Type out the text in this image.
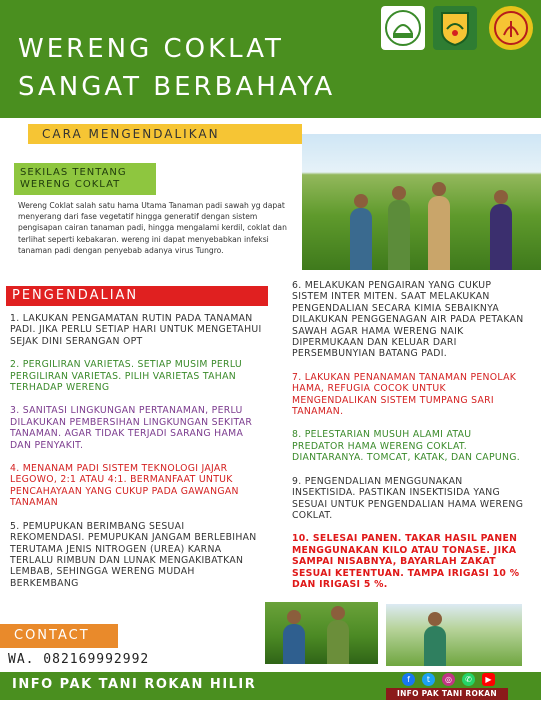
WERENG COKLAT
SANGAT BERBAHAYA
CARA MENGENDALIKAN
SEKILAS TENTANG
WERENG COKLAT

Wereng Coklat salah satu hama Utama Tanaman padi sawah yg dapat menyerang dari fase vegetatif hingga generatif dengan sistem pengisapan cairan tanaman padi, hingga mengalami kerdil, coklat dan terlihat seperti kebakaran. wereng ini dapat menyebabkan infeksi tanaman padi dengan penyebab adanya virus Tungro.

PENGENDALIAN

1. LAKUKAN PENGAMATAN RUTIN PADA TANAMAN PADI. JIKA PERLU SETIAP HARI UNTUK MENGETAHUI SEJAK DINI SERANGAN OPT

2. PERGILIRAN VARIETAS. SETIAP MUSIM PERLU PERGILIRAN VARIETAS. PILIH VARIETAS TAHAN TERHADAP WERENG

3. SANITASI LINGKUNGAN PERTANAMAN, PERLU DILAKUKAN PEMBERSIHAN LINGKUNGAN SEKITAR TANAMAN. AGAR TIDAK TERJADI SARANG HAMA DAN PENYAKIT.

4. MENANAM PADI SISTEM TEKNOLOGI JAJAR LEGOWO, 2:1 ATAU 4:1. BERMANFAAT UNTUK PENCAHAYAAN YANG CUKUP PADA GAWANGAN TANAMAN

5. PEMUPUKAN BERIMBANG SESUAI REKOMENDASI. PEMUPUKAN JANGAM BERLEBIHAN TERUTAMA JENIS NITROGEN (UREA) KARNA TERLALU RIMBUN DAN LUNAK MENGAKIBATKAN LEMBAB, SEHINGGA WERENG MUDAH BERKEMBANG

6. MELAKUKAN PENGAIRAN YANG CUKUP SISTEM INTER MITEN. SAAT MELAKUKAN PENGENDALIAN SECARA KIMIA SEBAIKNYA DILAKUKAN PENGGENAGAN AIR PADA PETAKAN SAWAH AGAR HAMA WERENG NAIK DIPERMUKAAN DAN KELUAR DARI PERSEMBUNYIAN BATANG PADI.

7. LAKUKAN PENANAMAN TANAMAN PENOLAK HAMA, REFUGIA COCOK UNTUK MENGENDALIKAN SISTEM TUMPANG SARI TANAMAN.

8. PELESTARIAN MUSUH ALAMI ATAU PREDATOR HAMA WERENG COKLAT. DIANTARANYA. TOMCAT, KATAK, DAN CAPUNG.

9. PENGENDALIAN MENGGUNAKAN INSEKTISIDA. PASTIKAN INSEKTISIDA YANG SESUAI UNTUK PENGENDALIAN HAMA WERENG COKLAT.

10. SELESAI PANEN. TAKAR HASIL PANEN MENGGUNAKAN KILO ATAU TONASE. JIKA SAMPAI NISABNYA, BAYARLAH ZAKAT SESUAI KETENTUAN. TAMPA IRIGASI 10 % DAN IRIGASI 5 %.

CONTACT
WA. 082169992992
INFO PAK TANI ROKAN HILIR	f	t	◎	✆	▶
INFO PAK TANI ROKAN HILIR
